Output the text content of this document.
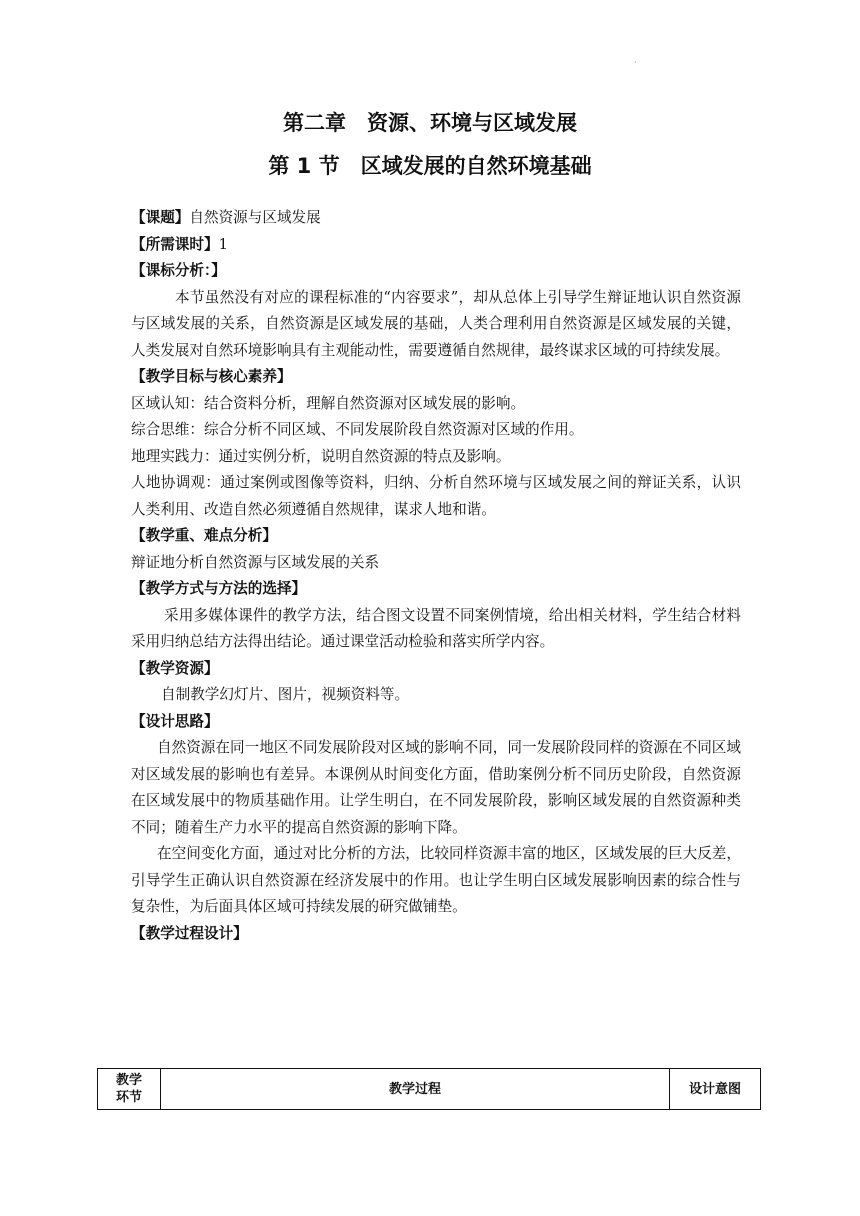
·
第二章　资源、环境与区域发展
第 1 节　区域发展的自然环境基础
【课题】自然资源与区域发展
【所需课时】1
【课标分析：】
本节虽然没有对应的课程标准的“内容要求”，却从总体上引导学生辩证地认识自然资源与区域发展的关系，自然资源是区域发展的基础，人类合理利用自然资源是区域发展的关键，人类发展对自然环境影响具有主观能动性，需要遵循自然规律，最终谋求区域的可持续发展。
【教学目标与核心素养】
区域认知：结合资料分析，理解自然资源对区域发展的影响。
综合思维：综合分析不同区域、不同发展阶段自然资源对区域的作用。
地理实践力：通过实例分析，说明自然资源的特点及影响。
人地协调观：通过案例或图像等资料，归纳、分析自然环境与区域发展之间的辩证关系，认识人类利用、改造自然必须遵循自然规律，谋求人地和谐。
【教学重、难点分析】
辩证地分析自然资源与区域发展的关系
【教学方式与方法的选择】
采用多媒体课件的教学方法，结合图文设置不同案例情境，给出相关材料，学生结合材料采用归纳总结方法得出结论。通过课堂活动检验和落实所学内容。
【教学资源】
自制教学幻灯片、图片，视频资料等。
【设计思路】
自然资源在同一地区不同发展阶段对区域的影响不同，同一发展阶段同样的资源在不同区域对区域发展的影响也有差异。本课例从时间变化方面，借助案例分析不同历史阶段，自然资源在区域发展中的物质基础作用。让学生明白，在不同发展阶段，影响区域发展的自然资源种类不同；随着生产力水平的提高自然资源的影响下降。
在空间变化方面，通过对比分析的方法，比较同样资源丰富的地区，区域发展的巨大反差，引导学生正确认识自然资源在经济发展中的作用。也让学生明白区域发展影响因素的综合性与复杂性，为后面具体区域可持续发展的研究做铺垫。
【教学过程设计】
教学
环节	教学过程	设计意图
